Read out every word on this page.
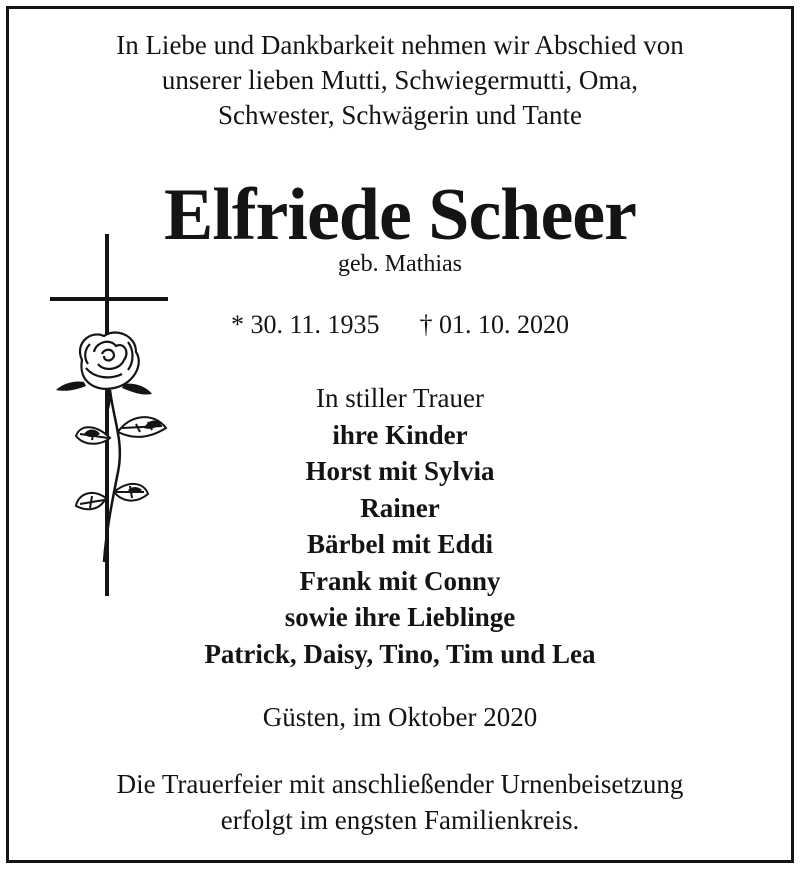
In Liebe und Dankbarkeit nehmen wir Abschied von
unserer lieben Mutti, Schwiegermutti, Oma,
Schwester, Schwägerin und Tante
Elfriede Scheer
geb. Mathias
* 30. 11. 1935 † 01. 10. 2020
In stiller Trauer
ihre Kinder
Horst mit Sylvia
Rainer
Bärbel mit Eddi
Frank mit Conny
sowie ihre Lieblinge
Patrick, Daisy, Tino, Tim und Lea
Güsten, im Oktober 2020
Die Trauerfeier mit anschließender Urnenbeisetzung
erfolgt im engsten Familienkreis.
